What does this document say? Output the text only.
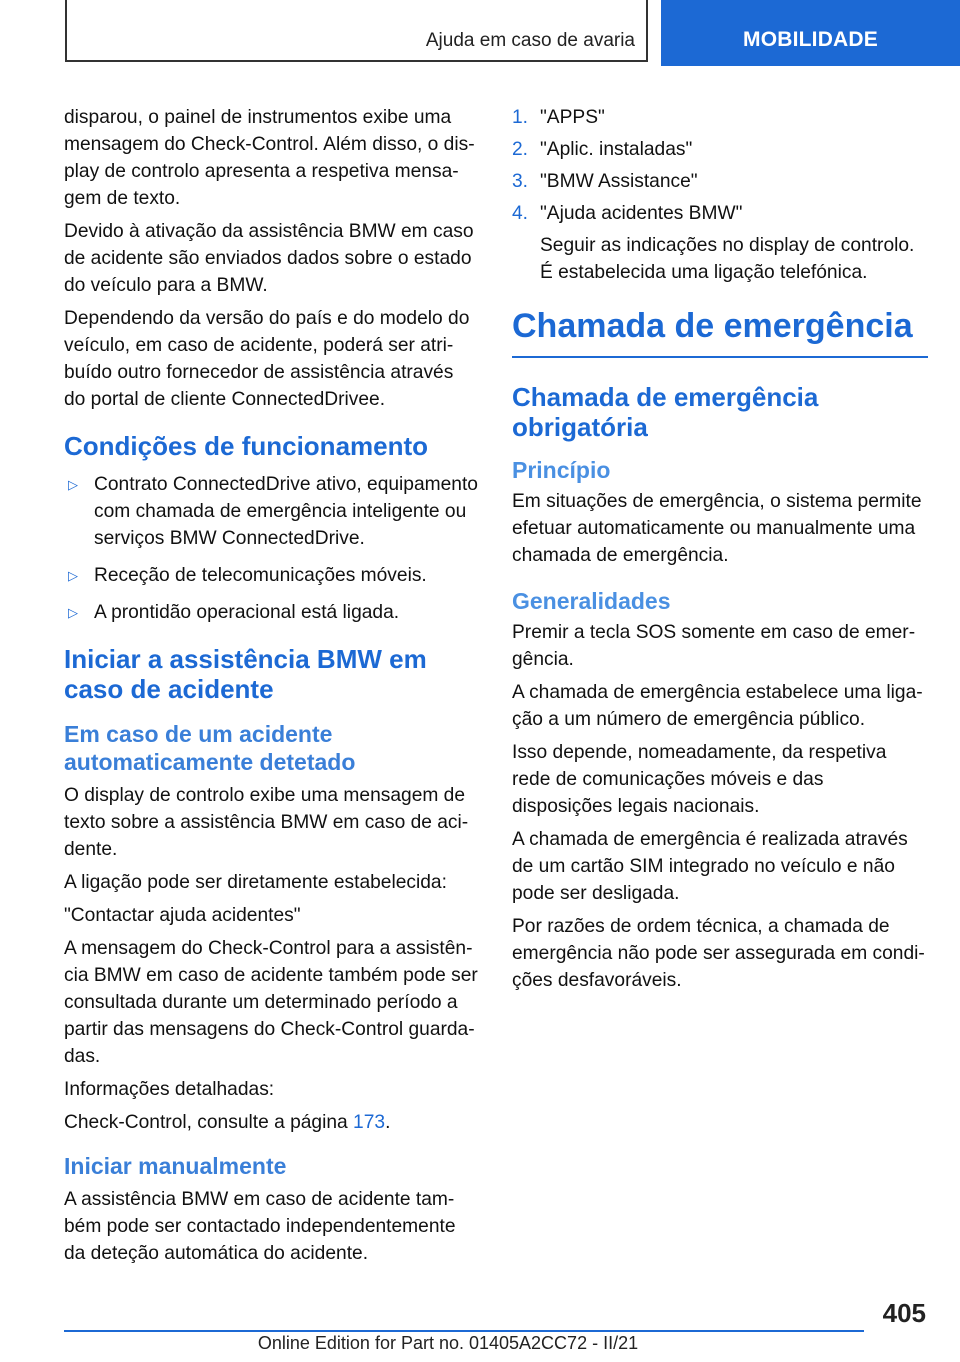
Ajuda em caso de avaria	MOBILIDADE

disparou, o painel de instrumentos exibe uma mensagem do Check-Control. Além disso, o display de controlo apresenta a respetiva mensagem de texto.

Devido à ativação da assistência BMW em caso de acidente são enviados dados sobre o estado do veículo para a BMW.

Dependendo da versão do país e do modelo do veículo, em caso de acidente, poderá ser atribuído outro fornecedor de assistência através do portal de cliente ConnectedDrivee.

Condições de funcionamento
▷ Contrato ConnectedDrive ativo, equipamento com chamada de emergência inteligente ou serviços BMW ConnectedDrive.
▷ Receção de telecomunicações móveis.
▷ A prontidão operacional está ligada.
Iniciar a assistência BMW em caso de acidente
Em caso de um acidente automaticamente detetado

O display de controlo exibe uma mensagem de texto sobre a assistência BMW em caso de acidente.

A ligação pode ser diretamente estabelecida:

"Contactar ajuda acidentes"

A mensagem do Check-Control para a assistência BMW em caso de acidente também pode ser consultada durante um determinado período a partir das mensagens do Check-Control guardadas.

Informações detalhadas:

Check-Control, consulte a página 173.

Iniciar manualmente

A assistência BMW em caso de acidente também pode ser contactado independentemente da deteção automática do acidente.

1. "APPS"
2. "Aplic. instaladas"
3. "BMW Assistance"
4. "Ajuda acidentes BMW"
Seguir as indicações no display de controlo.
É estabelecida uma ligação telefónica.
Chamada de emergência
Chamada de emergência obrigatória
Princípio

Em situações de emergência, o sistema permite efetuar automaticamente ou manualmente uma chamada de emergência.

Generalidades

Premir a tecla SOS somente em caso de emergência.

A chamada de emergência estabelece uma ligação a um número de emergência público.

Isso depende, nomeadamente, da respetiva rede de comunicações móveis e das disposições legais nacionais.

A chamada de emergência é realizada através de um cartão SIM integrado no veículo e não pode ser desligada.

Por razões de ordem técnica, a chamada de emergência não pode ser assegurada em condições desfavoráveis.

405
Online Edition for Part no. 01405A2CC72 - II/21
